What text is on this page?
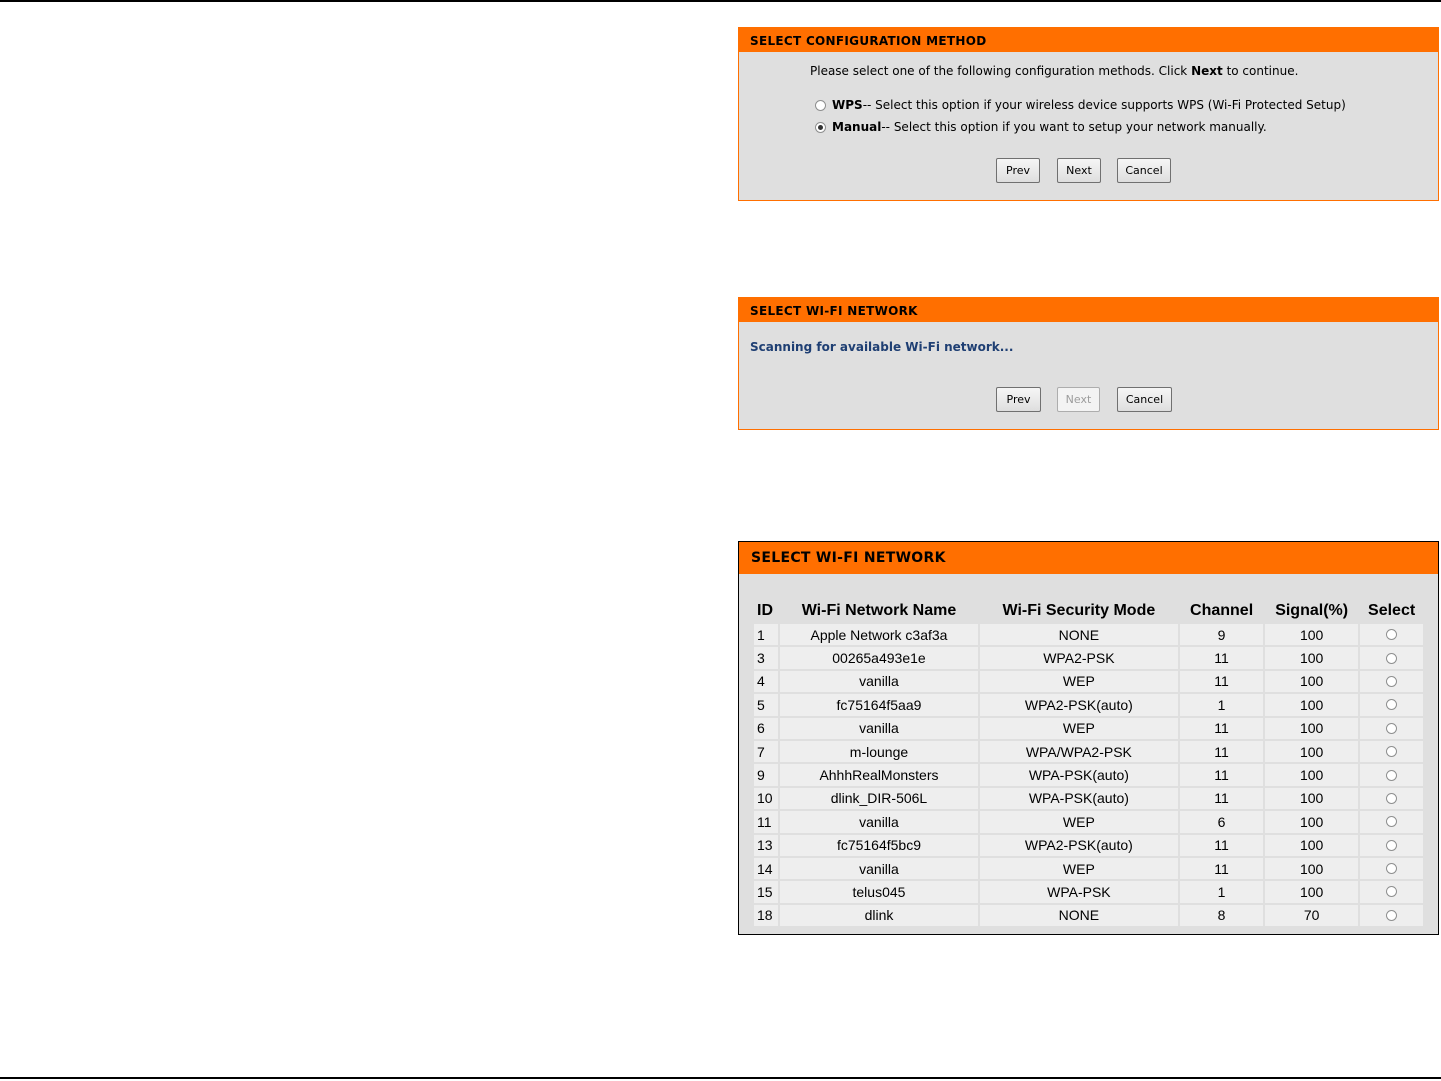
SELECT CONFIGURATION METHOD
Please select one of the following configuration methods. Click Next to continue.
WPS -- Select this option if your wireless device supports WPS (Wi-Fi Protected Setup)
Manual -- Select this option if you want to setup your network manually.
Prev	Next	Cancel
SELECT WI-FI NETWORK
Scanning for available Wi-Fi network...
Prev	Next	Cancel
SELECT WI-FI NETWORK
ID	Wi-Fi Network Name	Wi-Fi Security Mode	Channel	Signal(%)	Select
1	Apple Network c3af3a	NONE	9	100	

3	00265a493e1e	WPA2-PSK	11	100	

4	vanilla	WEP	11	100	

5	fc75164f5aa9	WPA2-PSK(auto)	1	100	

6	vanilla	WEP	11	100	

7	m-lounge	WPA/WPA2-PSK	11	100	

9	AhhhRealMonsters	WPA-PSK(auto)	11	100	

10	dlink_DIR-506L	WPA-PSK(auto)	11	100	

11	vanilla	WEP	6	100	

13	fc75164f5bc9	WPA2-PSK(auto)	11	100	

14	vanilla	WEP	11	100	

15	telus045	WPA-PSK	1	100	

18	dlink	NONE	8	70	
